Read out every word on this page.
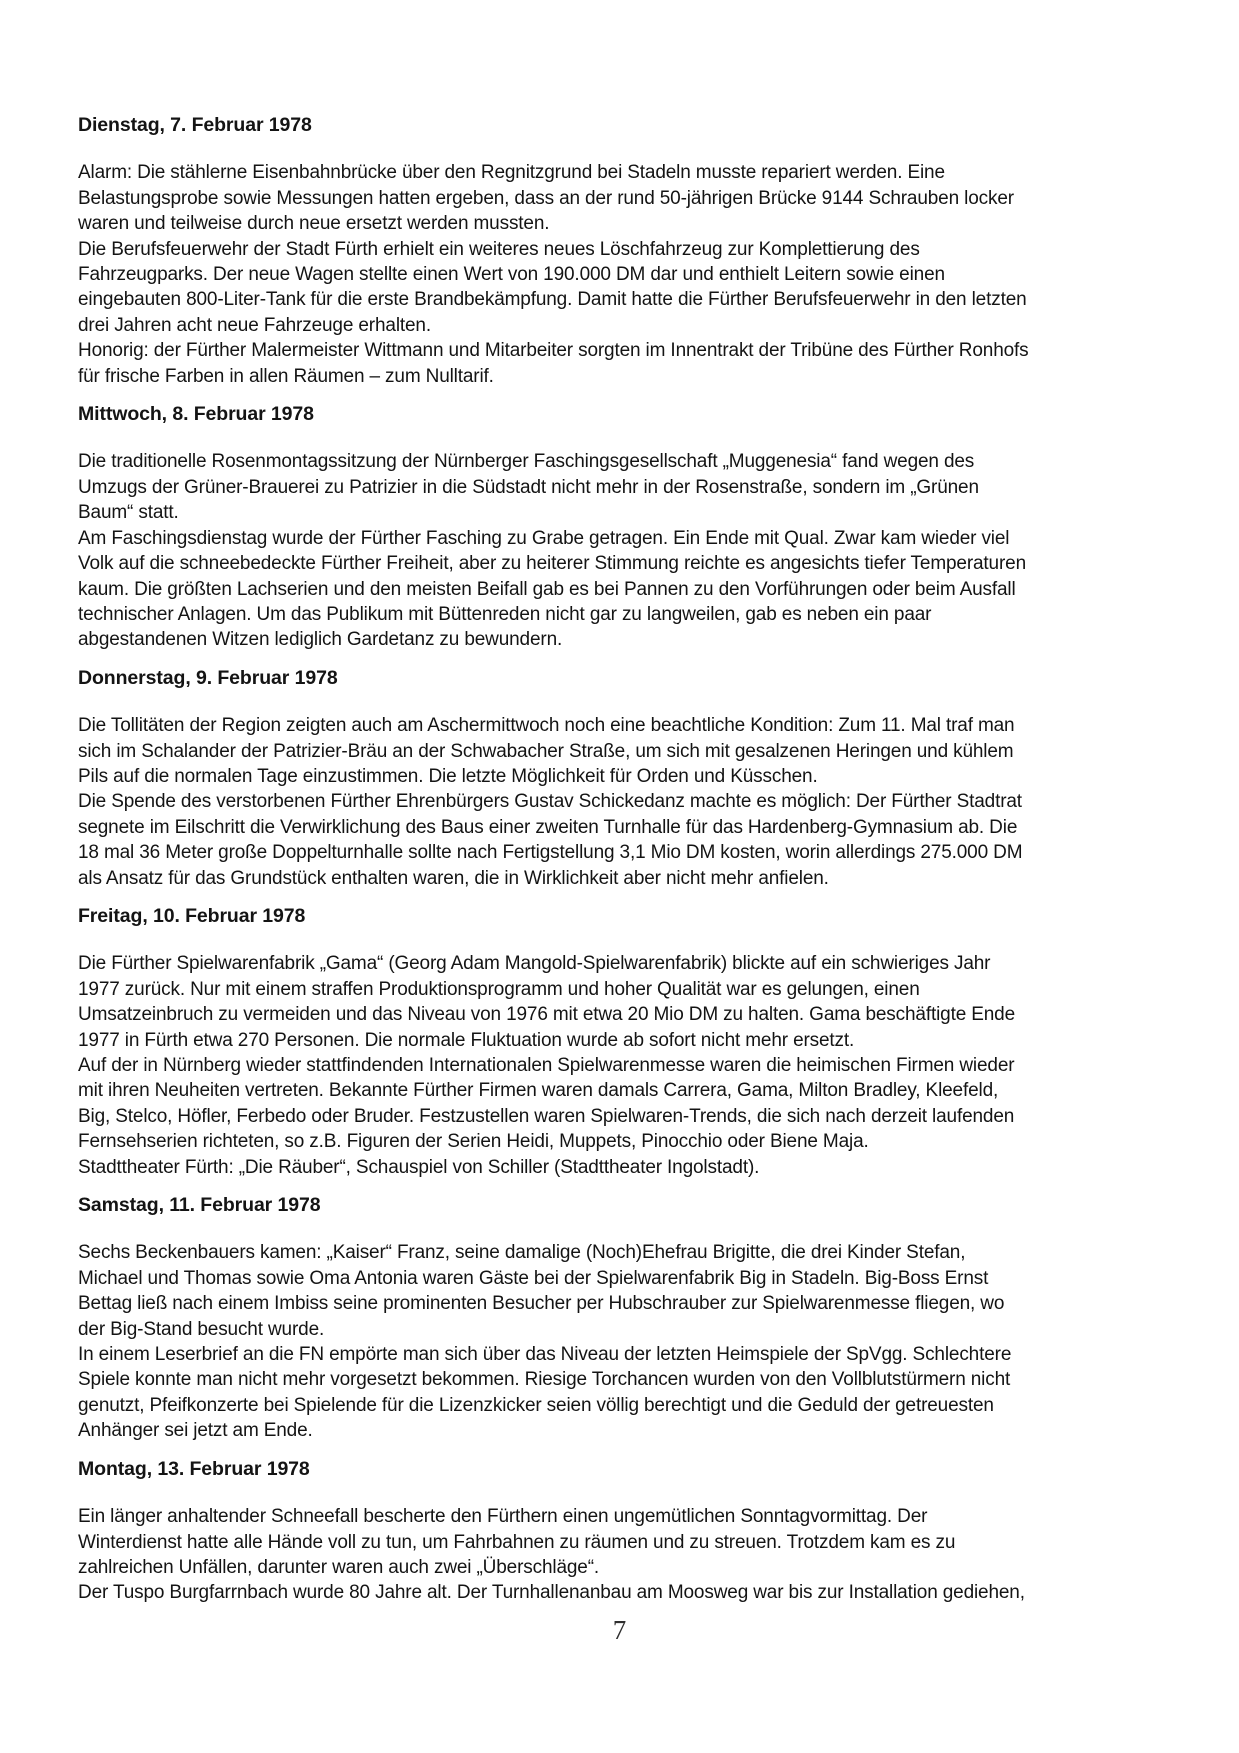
Dienstag, 7. Februar 1978
Alarm: Die stählerne Eisenbahnbrücke über den Regnitzgrund bei Stadeln musste repariert werden. Eine
Belastungsprobe sowie Messungen hatten ergeben, dass an der rund 50-jährigen Brücke 9144 Schrauben locker
waren und teilweise durch neue ersetzt werden mussten.
Die Berufsfeuerwehr der Stadt Fürth erhielt ein weiteres neues Löschfahrzeug zur Komplettierung des
Fahrzeugparks. Der neue Wagen stellte einen Wert von 190.000 DM dar und enthielt Leitern sowie einen
eingebauten 800-Liter-Tank für die erste Brandbekämpfung. Damit hatte die Fürther Berufsfeuerwehr in den letzten
drei Jahren acht neue Fahrzeuge erhalten.
Honorig: der Fürther Malermeister Wittmann und Mitarbeiter sorgten im Innentrakt der Tribüne des Fürther Ronhofs
für frische Farben in allen Räumen – zum Nulltarif.
Mittwoch, 8. Februar 1978
Die traditionelle Rosenmontagssitzung der Nürnberger Faschingsgesellschaft „Muggenesia“ fand wegen des
Umzugs der Grüner-Brauerei zu Patrizier in die Südstadt nicht mehr in der Rosenstraße, sondern im „Grünen
Baum“ statt.
Am Faschingsdienstag wurde der Fürther Fasching zu Grabe getragen. Ein Ende mit Qual. Zwar kam wieder viel
Volk auf die schneebedeckte Fürther Freiheit, aber zu heiterer Stimmung reichte es angesichts tiefer Temperaturen
kaum. Die größten Lachserien und den meisten Beifall gab es bei Pannen zu den Vorführungen oder beim Ausfall
technischer Anlagen. Um das Publikum mit Büttenreden nicht gar zu langweilen, gab es neben ein paar
abgestandenen Witzen lediglich Gardetanz zu bewundern.
Donnerstag, 9. Februar 1978
Die Tollitäten der Region zeigten auch am Aschermittwoch noch eine beachtliche Kondition: Zum 11. Mal traf man
sich im Schalander der Patrizier-Bräu an der Schwabacher Straße, um sich mit gesalzenen Heringen und kühlem
Pils auf die normalen Tage einzustimmen. Die letzte Möglichkeit für Orden und Küsschen.
Die Spende des verstorbenen Fürther Ehrenbürgers Gustav Schickedanz machte es möglich: Der Fürther Stadtrat
segnete im Eilschritt die Verwirklichung des Baus einer zweiten Turnhalle für das Hardenberg-Gymnasium ab. Die
18 mal 36 Meter große Doppelturnhalle sollte nach Fertigstellung 3,1 Mio DM kosten, worin allerdings 275.000 DM
als Ansatz für das Grundstück enthalten waren, die in Wirklichkeit aber nicht mehr anfielen.
Freitag, 10. Februar 1978
Die Fürther Spielwarenfabrik „Gama“ (Georg Adam Mangold-Spielwarenfabrik) blickte auf ein schwieriges Jahr
1977 zurück. Nur mit einem straffen Produktionsprogramm und hoher Qualität war es gelungen, einen
Umsatzeinbruch zu vermeiden und das Niveau von 1976 mit etwa 20 Mio DM zu halten. Gama beschäftigte Ende
1977 in Fürth etwa 270 Personen. Die normale Fluktuation wurde ab sofort nicht mehr ersetzt.
Auf der in Nürnberg wieder stattfindenden Internationalen Spielwarenmesse waren die heimischen Firmen wieder
mit ihren Neuheiten vertreten. Bekannte Fürther Firmen waren damals Carrera, Gama, Milton Bradley, Kleefeld,
Big, Stelco, Höfler, Ferbedo oder Bruder. Festzustellen waren Spielwaren-Trends, die sich nach derzeit laufenden
Fernsehserien richteten, so z.B. Figuren der Serien Heidi, Muppets, Pinocchio oder Biene Maja.
Stadttheater Fürth: „Die Räuber“, Schauspiel von Schiller (Stadttheater Ingolstadt).
Samstag, 11. Februar 1978
Sechs Beckenbauers kamen: „Kaiser“ Franz, seine damalige (Noch)Ehefrau Brigitte, die drei Kinder Stefan,
Michael und Thomas sowie Oma Antonia waren Gäste bei der Spielwarenfabrik Big in Stadeln. Big-Boss Ernst
Bettag ließ nach einem Imbiss seine prominenten Besucher per Hubschrauber zur Spielwarenmesse fliegen, wo
der Big-Stand besucht wurde.
In einem Leserbrief an die FN empörte man sich über das Niveau der letzten Heimspiele der SpVgg. Schlechtere
Spiele konnte man nicht mehr vorgesetzt bekommen. Riesige Torchancen wurden von den Vollblutstürmern nicht
genutzt, Pfeifkonzerte bei Spielende für die Lizenzkicker seien völlig berechtigt und die Geduld der getreuesten
Anhänger sei jetzt am Ende.
Montag, 13. Februar 1978
Ein länger anhaltender Schneefall bescherte den Fürthern einen ungemütlichen Sonntagvormittag. Der
Winterdienst hatte alle Hände voll zu tun, um Fahrbahnen zu räumen und zu streuen. Trotzdem kam es zu
zahlreichen Unfällen, darunter waren auch zwei „Überschläge“.
Der Tuspo Burgfarrnbach wurde 80 Jahre alt. Der Turnhallenanbau am Moosweg war bis zur Installation gediehen,
7
